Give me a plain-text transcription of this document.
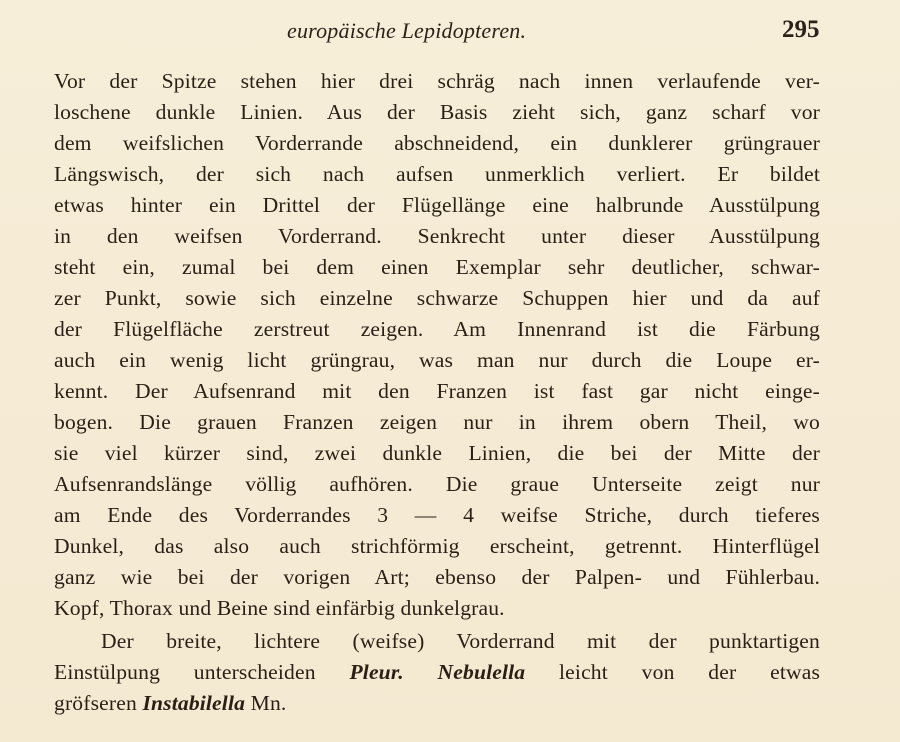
europäische Lepidopteren.	295
Vor der Spitze stehen hier drei schräg nach innen verlaufende ver-
loschene dunkle Linien. Aus der Basis zieht sich, ganz scharf vor
dem weifslichen Vorderrande abschneidend, ein dunklerer grüngrauer
Längswisch, der sich nach aufsen unmerklich verliert. Er bildet
etwas hinter ein Drittel der Flügellänge eine halbrunde Ausstülpung
in den weifsen Vorderrand. Senkrecht unter dieser Ausstülpung
steht ein, zumal bei dem einen Exemplar sehr deutlicher, schwar-
zer Punkt, sowie sich einzelne schwarze Schuppen hier und da auf
der Flügelfläche zerstreut zeigen. Am Innenrand ist die Färbung
auch ein wenig licht grüngrau, was man nur durch die Loupe er-
kennt. Der Aufsenrand mit den Franzen ist fast gar nicht einge-
bogen. Die grauen Franzen zeigen nur in ihrem obern Theil, wo
sie viel kürzer sind, zwei dunkle Linien, die bei der Mitte der
Aufsenrandslänge völlig aufhören. Die graue Unterseite zeigt nur
am Ende des Vorderrandes 3 — 4 weifse Striche, durch tieferes
Dunkel, das also auch strichförmig erscheint, getrennt. Hinterflügel
ganz wie bei der vorigen Art; ebenso der Palpen- und Fühlerbau.
Kopf, Thorax und Beine sind einfärbig dunkelgrau.
Der breite, lichtere (weifse) Vorderrand mit der punktartigen
Einstülpung unterscheiden Pleur. Nebulella leicht von der etwas
gröfseren Instabilella Mn.
